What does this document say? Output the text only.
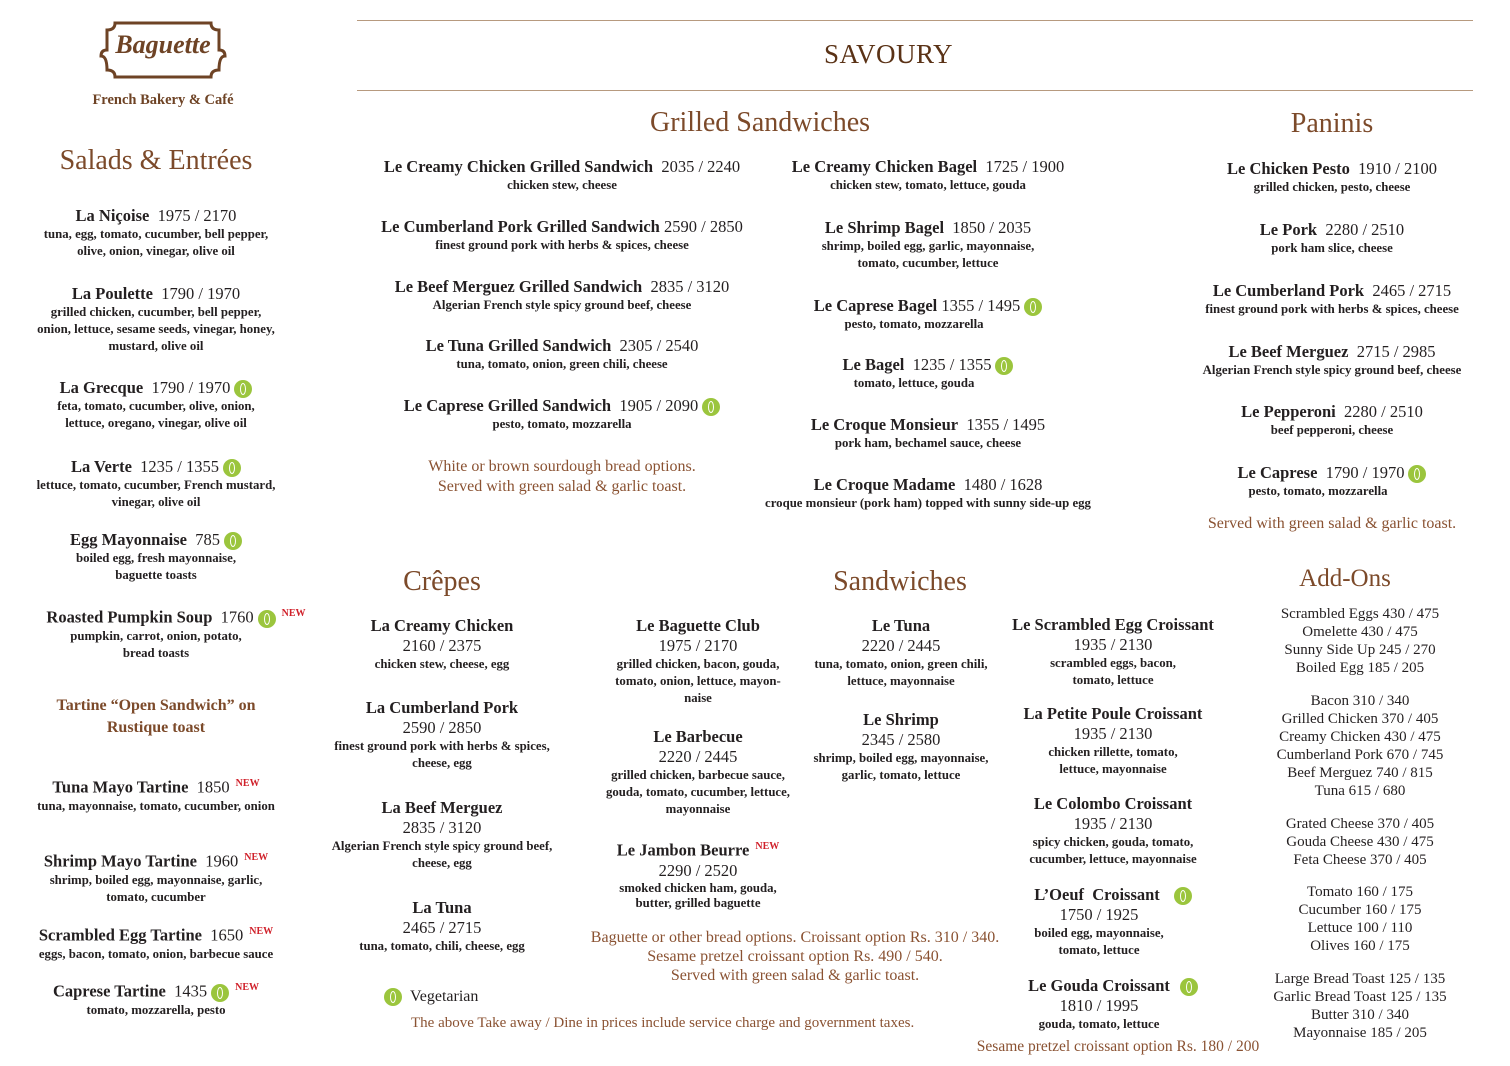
Baguette
French Bakery & Café
SAVOURY
Salads & Entrées
La Niçoise 1975 / 2170
tuna, egg, tomato, cucumber, bell pepper, olive, onion, vinegar, olive oil
La Poulette 1790 / 1970
grilled chicken, cucumber, bell pepper, onion, lettuce, sesame seeds, vinegar, honey, mustard, olive oil
La Grecque 1790 / 1970
feta, tomato, cucumber, olive, onion, lettuce, oregano, vinegar, olive oil
La Verte 1235 / 1355
lettuce, tomato, cucumber, French mustard, vinegar, olive oil
Egg Mayonnaise 785
boiled egg, fresh mayonnaise, baguette toasts
Roasted Pumpkin Soup 1760	$^{NEW}$
pumpkin, carrot, onion, potato, bread toasts
Tartine “Open Sandwich” on Rustique toast
Tuna Mayo Tartine 1850 $^{NEW}$
tuna, mayonnaise, tomato, cucumber, onion
Shrimp Mayo Tartine 1960 $^{NEW}$
shrimp, boiled egg, mayonnaise, garlic, tomato, cucumber
Scrambled Egg Tartine 1650 $^{NEW}$
eggs, bacon, tomato, onion, barbecue sauce
Caprese Tartine 1435	$^{NEW}$
tomato, mozzarella, pesto
Grilled Sandwiches
Le Creamy Chicken Grilled Sandwich 2035 / 2240
chicken stew, cheese
Le Cumberland Pork Grilled Sandwich 2590 / 2850
finest ground pork with herbs & spices, cheese
Le Beef Merguez Grilled Sandwich 2835 / 3120
Algerian French style spicy ground beef, cheese
Le Tuna Grilled Sandwich 2305 / 2540
tuna, tomato, onion, green chili, cheese
Le Caprese Grilled Sandwich 1905 / 2090
pesto, tomato, mozzarella
White or brown sourdough bread options.
Served with green salad & garlic toast.
Le Creamy Chicken Bagel 1725 / 1900
chicken stew, tomato, lettuce, gouda
Le Shrimp Bagel 1850 / 2035
shrimp, boiled egg, garlic, mayonnaise, tomato, cucumber, lettuce
Le Caprese Bagel 1355 / 1495
pesto, tomato, mozzarella
Le Bagel 1235 / 1355
tomato, lettuce, gouda
Le Croque Monsieur 1355 / 1495
pork ham, bechamel sauce, cheese
Le Croque Madame 1480 / 1628
croque monsieur (pork ham) topped with sunny side-up egg
Paninis
Le Chicken Pesto 1910 / 2100
grilled chicken, pesto, cheese
Le Pork 2280 / 2510
pork ham slice, cheese
Le Cumberland Pork 2465 / 2715
finest ground pork with herbs & spices, cheese
Le Beef Merguez 2715 / 2985
Algerian French style spicy ground beef, cheese
Le Pepperoni 2280 / 2510
beef pepperoni, cheese
Le Caprese 1790 / 1970
pesto, tomato, mozzarella
Served with green salad & garlic toast.
Crêpes
La Creamy Chicken
2160 / 2375
chicken stew, cheese, egg
La Cumberland Pork
2590 / 2850
finest ground pork with herbs & spices, cheese, egg
La Beef Merguez
2835 / 3120
Algerian French style spicy ground beef, cheese, egg
La Tuna
2465 / 2715
tuna, tomato, chili, cheese, egg
Sandwiches
Le Baguette Club
1975 / 2170
grilled chicken, bacon, gouda, tomato, onion, lettuce, mayon-naise
Le Barbecue
2220 / 2445
grilled chicken, barbecue sauce, gouda, tomato, cucumber, lettuce, mayonnaise
Le Jambon Beurre $^{NEW}$
2290 / 2520
smoked chicken ham, gouda, butter, grilled baguette
Le Tuna
2220 / 2445
tuna, tomato, onion, green chili, lettuce, mayonnaise
Le Shrimp
2345 / 2580
shrimp, boiled egg, mayonnaise, garlic, tomato, lettuce
Le Scrambled Egg Croissant
1935 / 2130
scrambled eggs, bacon, tomato, lettuce
La Petite Poule Croissant
1935 / 2130
chicken rillette, tomato, lettuce, mayonnaise
Le Colombo Croissant
1935 / 2130
spicy chicken, gouda, tomato, cucumber, lettuce, mayonnaise
L’Oeuf  Croissant
1750 / 1925
boiled egg, mayonnaise, tomato, lettuce
Le Gouda Croissant
1810 / 1995
gouda, tomato, lettuce
Baguette or other bread options. Croissant option Rs. 310 / 340.
Sesame pretzel croissant option Rs. 490 / 540.
Served with green salad & garlic toast.
Sesame pretzel croissant option Rs. 180 / 200
Vegetarian
The above Take away / Dine in prices include service charge and government taxes.
Add-Ons
Scrambled Eggs 430 / 475
Omelette 430 / 475
Sunny Side Up 245 / 270
Boiled Egg 185 / 205
Bacon 310 / 340
Grilled Chicken 370 / 405
Creamy Chicken 430 / 475
Cumberland Pork 670 / 745
Beef Merguez 740 / 815
Tuna 615 / 680
Grated Cheese 370 / 405
Gouda Cheese 430 / 475
Feta Cheese 370 / 405
Tomato 160 / 175
Cucumber 160 / 175
Lettuce 100 / 110
Olives 160 / 175
Large Bread Toast 125 / 135
Garlic Bread Toast 125 / 135
Butter 310 / 340
Mayonnaise 185 / 205
